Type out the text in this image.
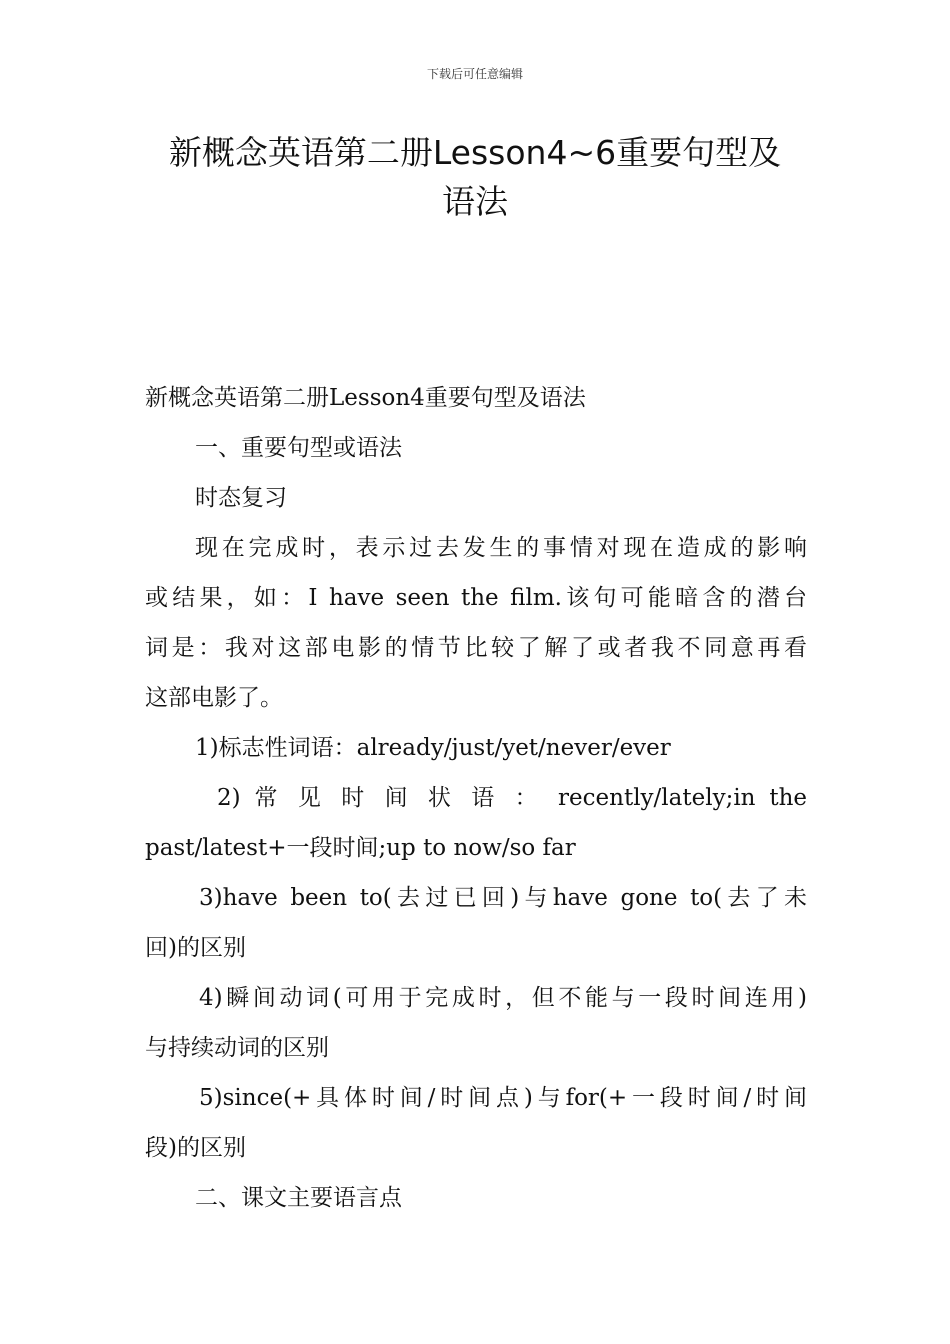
下载后可任意编辑
新概念英语第二册Lesson4~6重要句型及
语法

新概念英语第二册Lesson4重要句型及语法

一、重要句型或语法

时态复习

现在完成时，表示过去发生的事情对现在造成的影响

或结果，如：I have seen the film.该句可能暗含的潜台

词是：我对这部电影的情节比较了解了或者我不同意再看

这部电影了。

1)标志性词语：already/just/yet/never/ever

2) 常 见 时 间 状 语 ： recently/lately;in the

past/latest+一段时间;up to now/so far

3)have been to(去过已回)与have gone to(去了未

回)的区别

4)瞬间动词(可用于完成时，但不能与一段时间连用)

与持续动词的区别

5)since(+具体时间/时间点)与for(+一段时间/时间

段)的区别

二、课文主要语言点
